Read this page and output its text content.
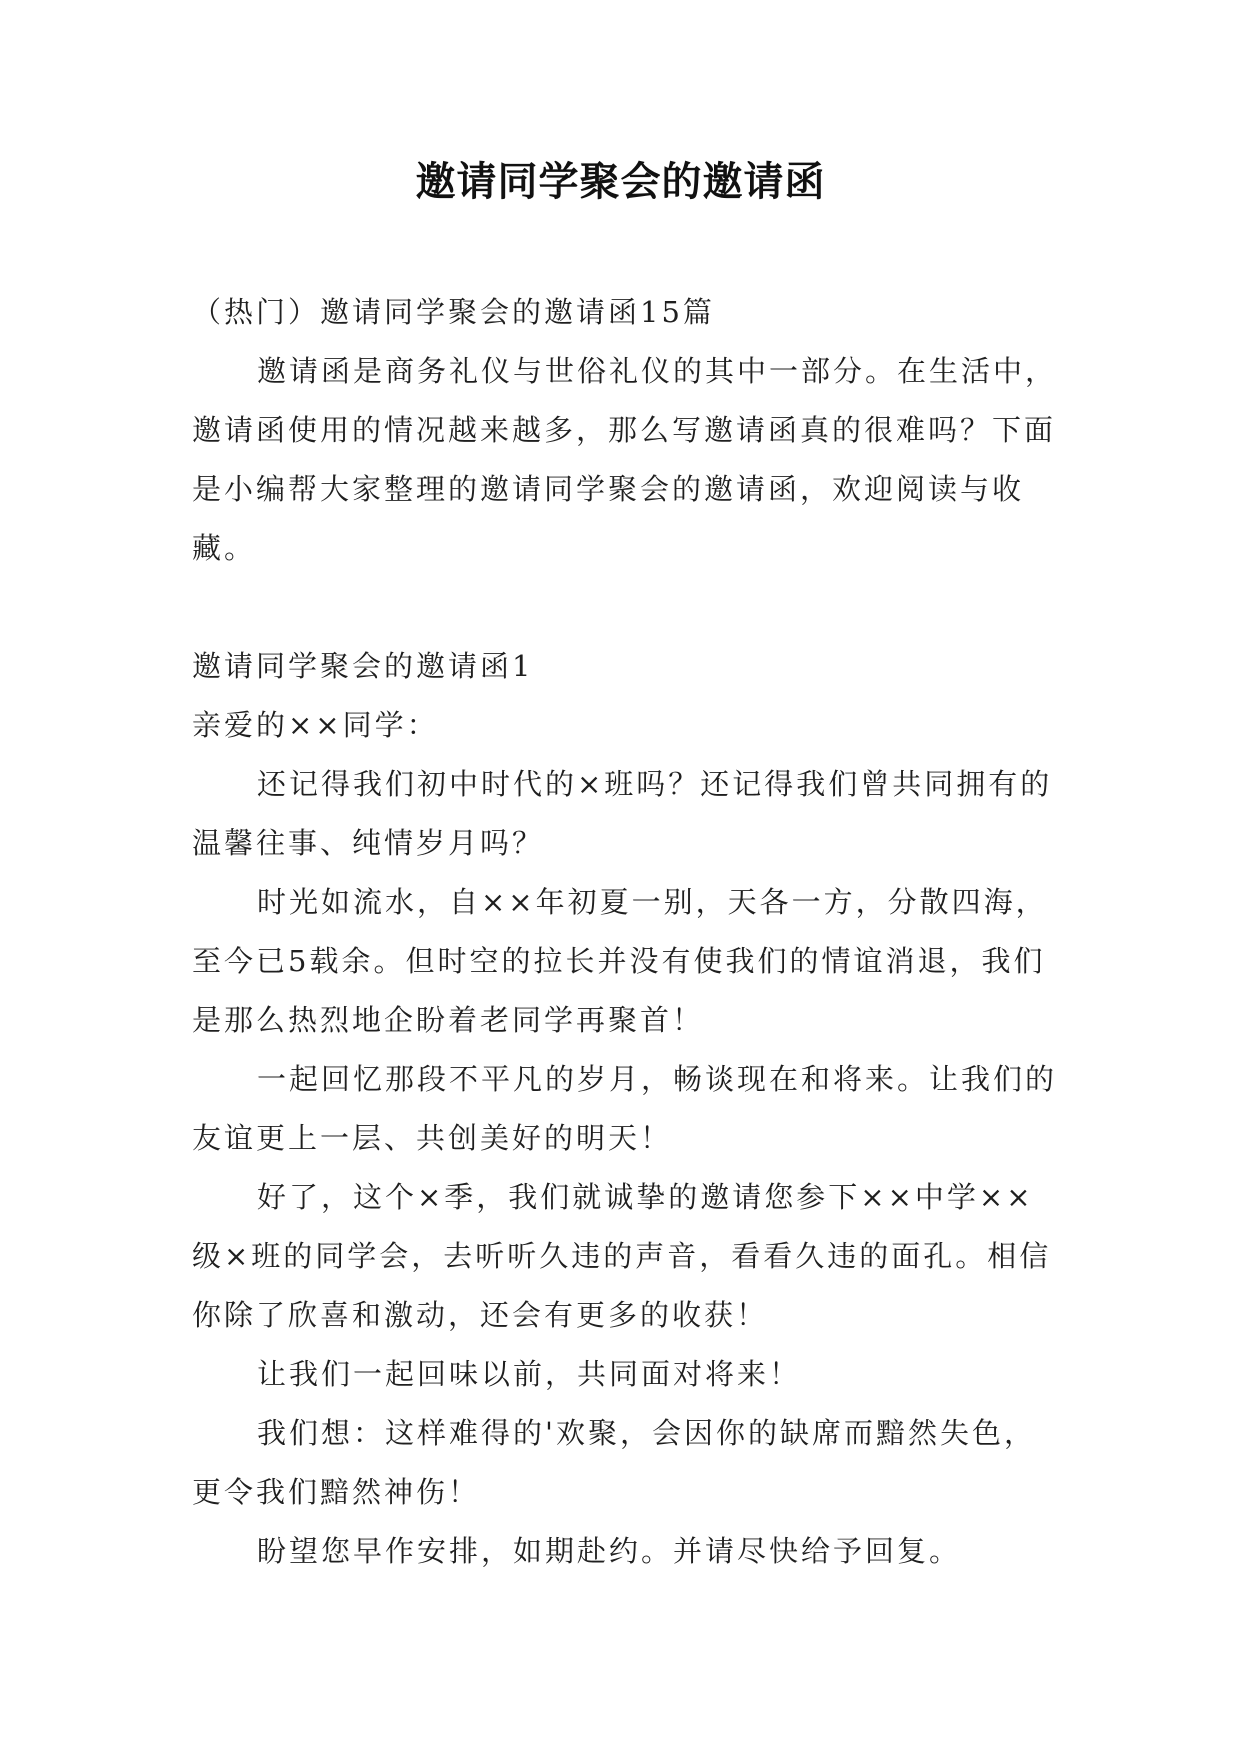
邀请同学聚会的邀请函

（热门）邀请同学聚会的邀请函15篇

邀请函是商务礼仪与世俗礼仪的其中一部分。在生活中，邀请函使用的情况越来越多，那么写邀请函真的很难吗？下面是小编帮大家整理的邀请同学聚会的邀请函，欢迎阅读与收藏。

邀请同学聚会的邀请函1

亲爱的××同学：

还记得我们初中时代的×班吗？还记得我们曾共同拥有的温馨往事、纯情岁月吗？

时光如流水，自××年初夏一别，天各一方，分散四海，至今已5载余。但时空的拉长并没有使我们的情谊消退，我们是那么热烈地企盼着老同学再聚首！

一起回忆那段不平凡的岁月，畅谈现在和将来。让我们的友谊更上一层、共创美好的明天！

好了，这个×季，我们就诚挚的邀请您参下××中学××级×班的同学会，去听听久违的声音，看看久违的面孔。相信你除了欣喜和激动，还会有更多的收获！

让我们一起回味以前，共同面对将来！

我们想：这样难得的'欢聚，会因你的缺席而黯然失色，更令我们黯然神伤！

盼望您早作安排，如期赴约。并请尽快给予回复。
